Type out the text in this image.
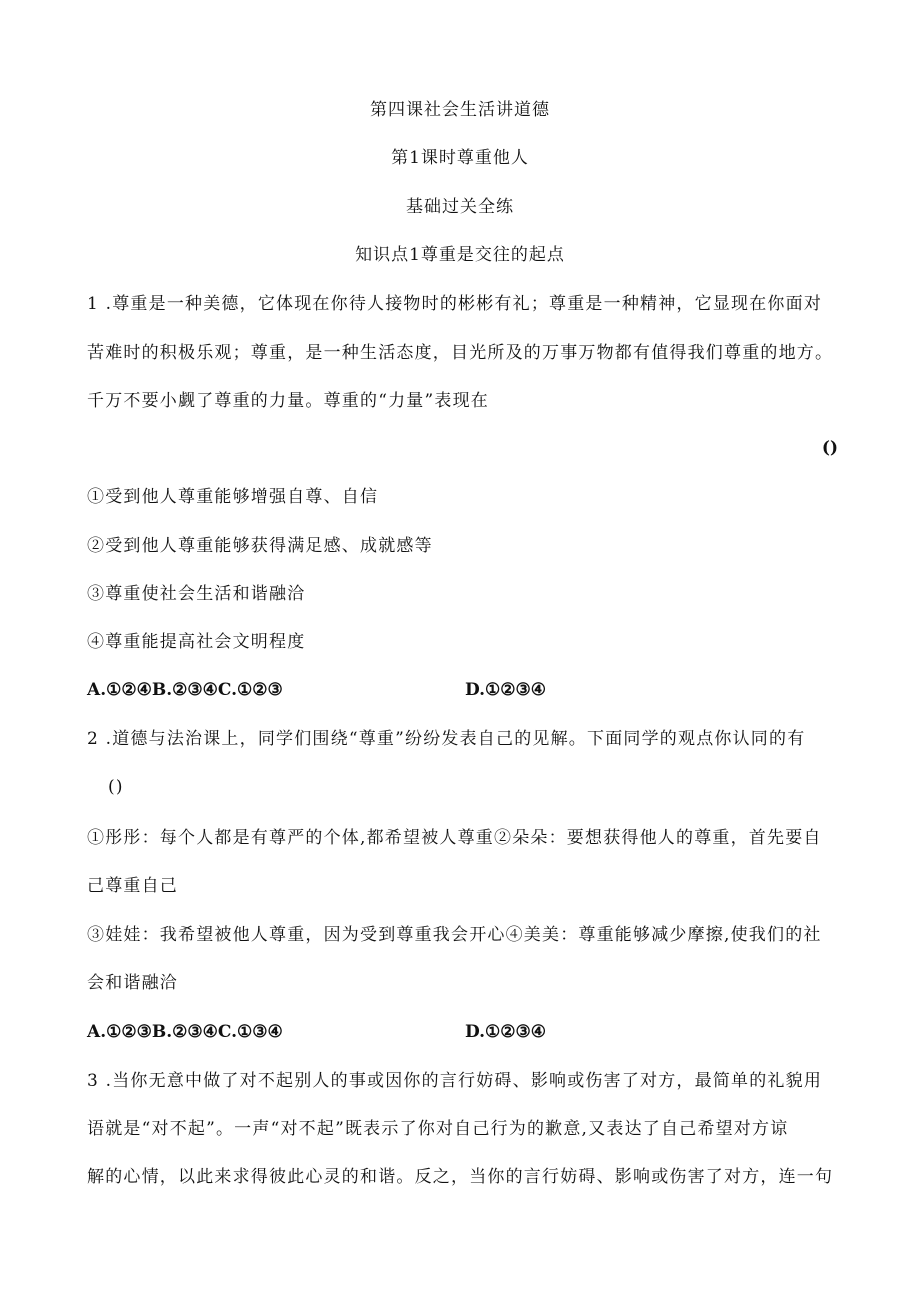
第四课社会生活讲道德
第1课时尊重他人
基础过关全练
知识点1尊重是交往的起点
1 .尊重是一种美德，它体现在你待人接物时的彬彬有礼；尊重是一种精神，它显现在你面对
苦难时的积极乐观；尊重，是一种生活态度，目光所及的万事万物都有值得我们尊重的地方。
千万不要小觑了尊重的力量。尊重的“力量”表现在
()
①受到他人尊重能够增强自尊、自信
②受到他人尊重能够获得满足感、成就感等
③尊重使社会生活和谐融洽
④尊重能提高社会文明程度
A.①②④B.②③④C.①②③	D.①②③④
2 .道德与法治课上，同学们围绕“尊重”纷纷发表自己的见解。下面同学的观点你认同的有
()
①彤彤：每个人都是有尊严的个体,都希望被人尊重②朵朵：要想获得他人的尊重，首先要自
己尊重自己
③娃娃：我希望被他人尊重，因为受到尊重我会开心④美美：尊重能够减少摩擦,使我们的社
会和谐融洽
A.①②③B.②③④C.①③④	D.①②③④
3 .当你无意中做了对不起别人的事或因你的言行妨碍、影响或伤害了对方，最简单的礼貌用
语就是“对不起”。一声“对不起”既表示了你对自己行为的歉意,又表达了自己希望对方谅
解的心情，以此来求得彼此心灵的和谐。反之，当你的言行妨碍、影响或伤害了对方，连一句
